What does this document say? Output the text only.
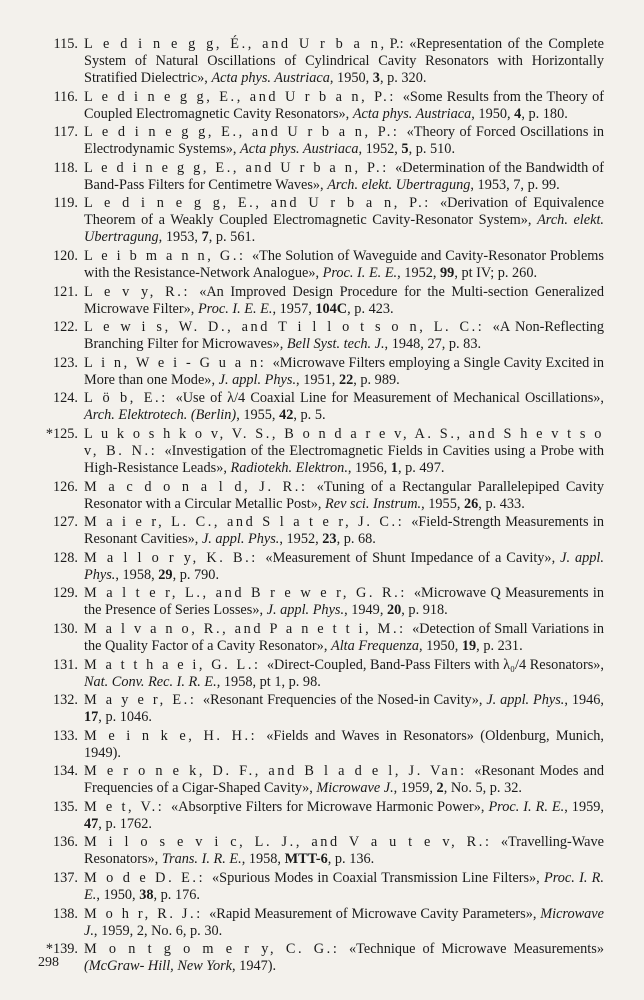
115. L e d i n e g g, É., and U r b a n, P.: «Representation of the Complete System of Natural Oscillations of Cylindrical Cavity Resonators with Horizontally Stratified Dielectric», Acta phys. Austriaca, 1950, 3, p. 320.
116. L e d i n e g g, E., and U r b a n, P.: «Some Results from the Theory of Coupled Electromagnetic Cavity Resonators», Acta phys. Austriaca, 1950, 4, p. 180.
117. L e d i n e g g, E., and U r b a n, P.: «Theory of Forced Oscillations in Electrodynamic Systems», Acta phys. Austriaca, 1952, 5, p. 510.
118. L e d i n e g g, E., and U r b a n, P.: «Determination of the Bandwidth of Band-Pass Filters for Centimetre Waves», Arch. elekt. Ubertragung, 1953, 7, p. 99.
119. L e d i n e g g, E., and U r b a n, P.: «Derivation of Equivalence Theorem of a Weakly Coupled Electromagnetic Cavity-Resonator System», Arch. elekt. Ubertragung, 1953, 7, p. 561.
120. L e i b m a n n, G.: «The Solution of Waveguide and Cavity-Resonator Problems with the Resistance-Network Analogue», Proc. I. E. E., 1952, 99, pt IV; p. 260.
121. L e v y, R.: «An Improved Design Procedure for the Multi-section Generalized Microwave Filter», Proc. I. E. E., 1957, 104C, p. 423.
122. L e w i s, W. D., and T i l l o t s o n, L. C.: «A Non-Reflecting Branching Filter for Microwaves», Bell Syst. tech. J., 1948, 27, p. 83.
123. L i n, W e i - G u a n: «Microwave Filters employing a Single Cavity Excited in More than one Mode», J. appl. Phys., 1951, 22, p. 989.
124. L ö b, E.: «Use of λ/4 Coaxial Line for Measurement of Mechanical Oscillations», Arch. Elektrotech. (Berlin), 1955, 42, p. 5.
*125. L u k o s h k o v, V. S., B o n d a r e v, A. S., and S h e v t s o v, B. N.: «Investigation of the Electromagnetic Fields in Cavities using a Probe with High-Resistance Leads», Radiotekh. Elektron., 1956, 1, p. 497.
126. M a c d o n a l d, J. R.: «Tuning of a Rectangular Parallelepiped Cavity Resonator with a Circular Metallic Post», Rev sci. Instrum., 1955, 26, p. 433.
127. M a i e r, L. C., and S l a t e r, J. C.: «Field-Strength Measurements in Resonant Cavities», J. appl. Phys., 1952, 23, p. 68.
128. M a l l o r y, K. B.: «Measurement of Shunt Impedance of a Cavity», J. appl. Phys., 1958, 29, p. 790.
129. M a l t e r, L., and B r e w e r, G. R.: «Microwave Q Measurements in the Presence of Series Losses», J. appl. Phys., 1949, 20, p. 918.
130. M a l v a n o, R., and P a n e t t i, M.: «Detection of Small Variations in the Quality Factor of a Cavity Resonator», Alta Frequenza, 1950, 19, p. 231.
131. M a t t h a e i, G. L.: «Direct-Coupled, Band-Pass Filters with λ₀/4 Resonators», Nat. Conv. Rec. I. R. E., 1958, pt 1, p. 98.
132. M a y e r, E.: «Resonant Frequencies of the Nosed-in Cavity», J. appl. Phys., 1946, 17, p. 1046.
133. M e i n k e, H. H.: «Fields and Waves in Resonators» (Oldenburg, Munich, 1949).
134. M e r o n e k, D. F., and B l a d e l, J. Van: «Resonant Modes and Frequencies of a Cigar-Shaped Cavity», Microwave J., 1959, 2, No. 5, p. 32.
135. M e t, V.: «Absorptive Filters for Microwave Harmonic Power», Proc. I. R. E., 1959, 47, p. 1762.
136. M i l o s e v i c, L. J., and V a u t e v, R.: «Travelling-Wave Resonators», Trans. I. R. E., 1958, MTT-6, p. 136.
137. M o d e D. E.: «Spurious Modes in Coaxial Transmission Line Filters», Proc. I. R. E., 1950, 38, p. 176.
138. M o h r, R. J.: «Rapid Measurement of Microwave Cavity Parameters», Microwave J., 1959, 2, No. 6, p. 30.
*139. M o n t g o m e r y, C. G.: «Technique of Microwave Measurements» (McGraw- Hill, New York, 1947).
298
